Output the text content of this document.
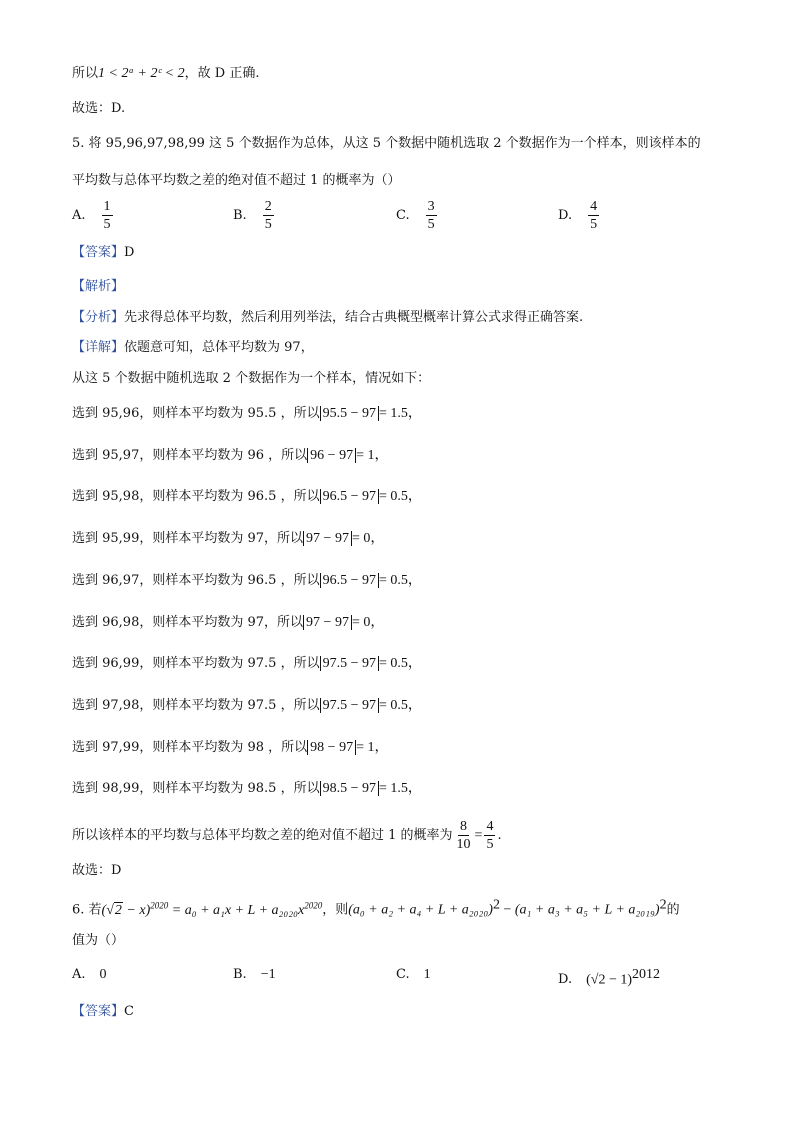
所以1 < 2ᵃ + 2ᶜ < 2，故 D 正确.
故选：D.
5. 将 95,96,97,98,99 这 5 个数据作为总体，从这 5 个数据中随机选取 2 个数据作为一个样本，则该样本的
平均数与总体平均数之差的绝对值不超过 1 的概率为（）
A. $\frac{1}{5}$	B. $\frac{2}{5}$	C. $\frac{3}{5}$	D. $\frac{4}{5}$
【答案】D
【解析】
【分析】先求得总体平均数，然后利用列举法，结合古典概型概率计算公式求得正确答案.
【详解】依题意可知，总体平均数为 97，
从这 5 个数据中随机选取 2 个数据作为一个样本，情况如下：
选到 95,96，则样本平均数为 95.5 ，所以 95.5 − 97 = 1.5，
选到 95,97，则样本平均数为 96 ，所以 96 − 97 = 1，
选到 95,98，则样本平均数为 96.5 ，所以 96.5 − 97 = 0.5，
选到 95,99，则样本平均数为 97，所以 97 − 97 = 0，
选到 96,97，则样本平均数为 96.5 ，所以 96.5 − 97 = 0.5，
选到 96,98，则样本平均数为 97，所以 97 − 97 = 0，
选到 96,99，则样本平均数为 97.5 ，所以 97.5 − 97 = 0.5，
选到 97,98，则样本平均数为 97.5 ，所以 97.5 − 97 = 0.5，
选到 97,99，则样本平均数为 98 ，所以 98 − 97 = 1，
选到 98,99，则样本平均数为 98.5 ，所以 98.5 − 97 = 1.5，
所以该样本的平均数与总体平均数之差的绝对值不超过 1 的概率为 $\frac{8}{10} = \frac{4}{5}$ .
故选：D
6. 若$(√2 - x)^{2020} = a_0 + a_1x + L + a_{2020}x^{2020}$，则$(a_0 + a_2 + a_4 + L + a_{2020})^2 - (a_1 + a_3 + a_5 + L + a_{2019})^2$的
值为（）
A. 0	B. −1	C. 1	D. $(√2 - 1)^{2012}$
【答案】C
